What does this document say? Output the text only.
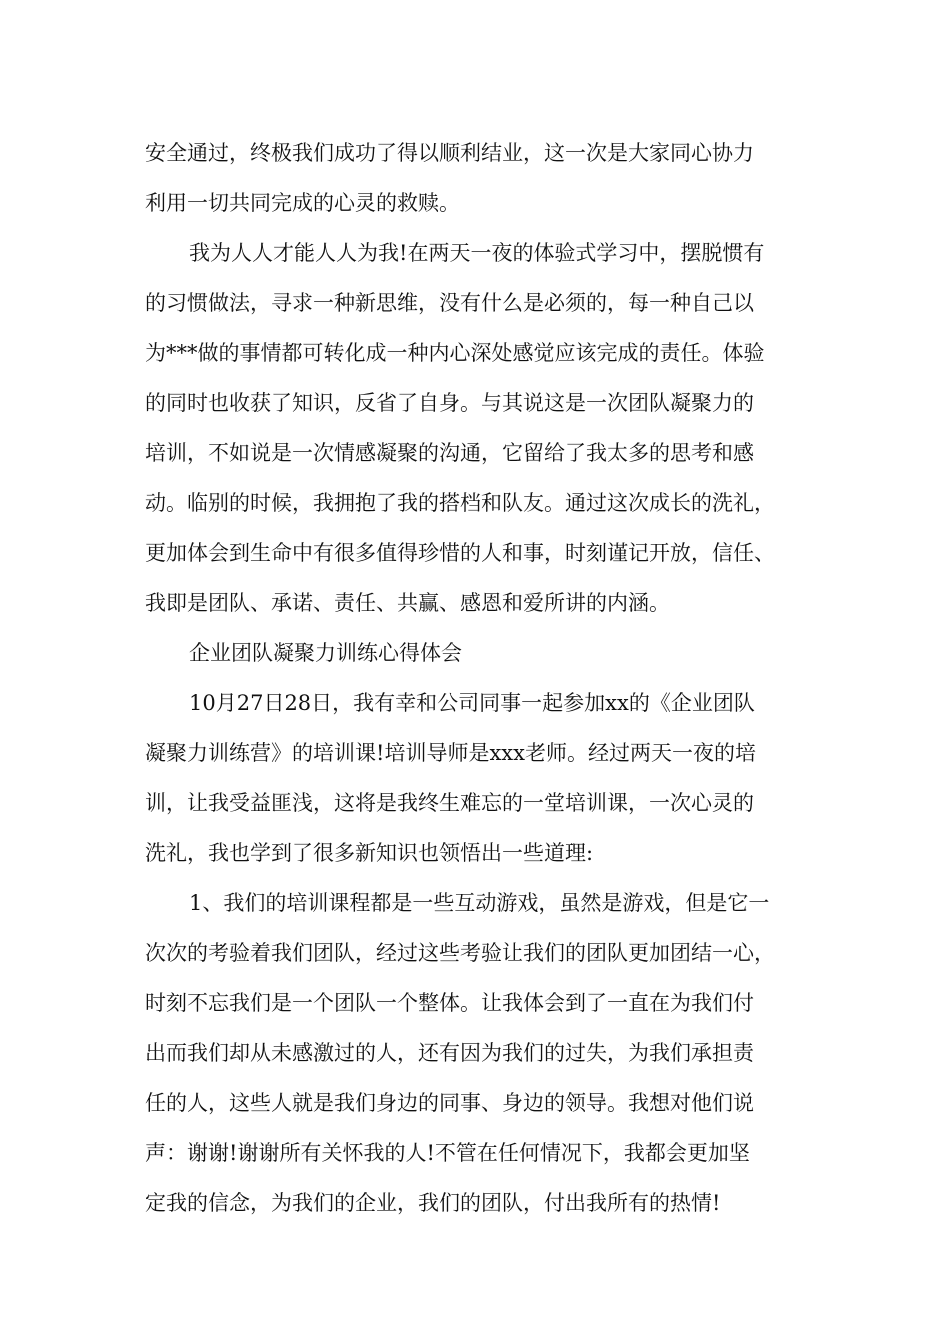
安全通过，终极我们成功了得以顺利结业，这一次是大家同心协力
利用一切共同完成的心灵的救赎。
我为人人才能人人为我!在两天一夜的体验式学习中，摆脱惯有
的习惯做法，寻求一种新思维，没有什么是必须的，每一种自己以
为***做的事情都可转化成一种内心深处感觉应该完成的责任。体验
的同时也收获了知识，反省了自身。与其说这是一次团队凝聚力的
培训，不如说是一次情感凝聚的沟通，它留给了我太多的思考和感
动。临别的时候，我拥抱了我的搭档和队友。通过这次成长的洗礼，
更加体会到生命中有很多值得珍惜的人和事，时刻谨记开放，信任、
我即是团队、承诺、责任、共赢、感恩和爱所讲的内涵。
企业团队凝聚力训练心得体会
10月27日28日，我有幸和公司同事一起参加xx的《企业团队
凝聚力训练营》的培训课!培训导师是xxx老师。经过两天一夜的培
训，让我受益匪浅，这将是我终生难忘的一堂培训课，一次心灵的
洗礼，我也学到了很多新知识也领悟出一些道理:
1、我们的培训课程都是一些互动游戏，虽然是游戏，但是它一
次次的考验着我们团队，经过这些考验让我们的团队更加团结一心，
时刻不忘我们是一个团队一个整体。让我体会到了一直在为我们付
出而我们却从未感激过的人，还有因为我们的过失，为我们承担责
任的人，这些人就是我们身边的同事、身边的领导。我想对他们说
声：谢谢!谢谢所有关怀我的人!不管在任何情况下，我都会更加坚
定我的信念，为我们的企业，我们的团队，付出我所有的热情!
